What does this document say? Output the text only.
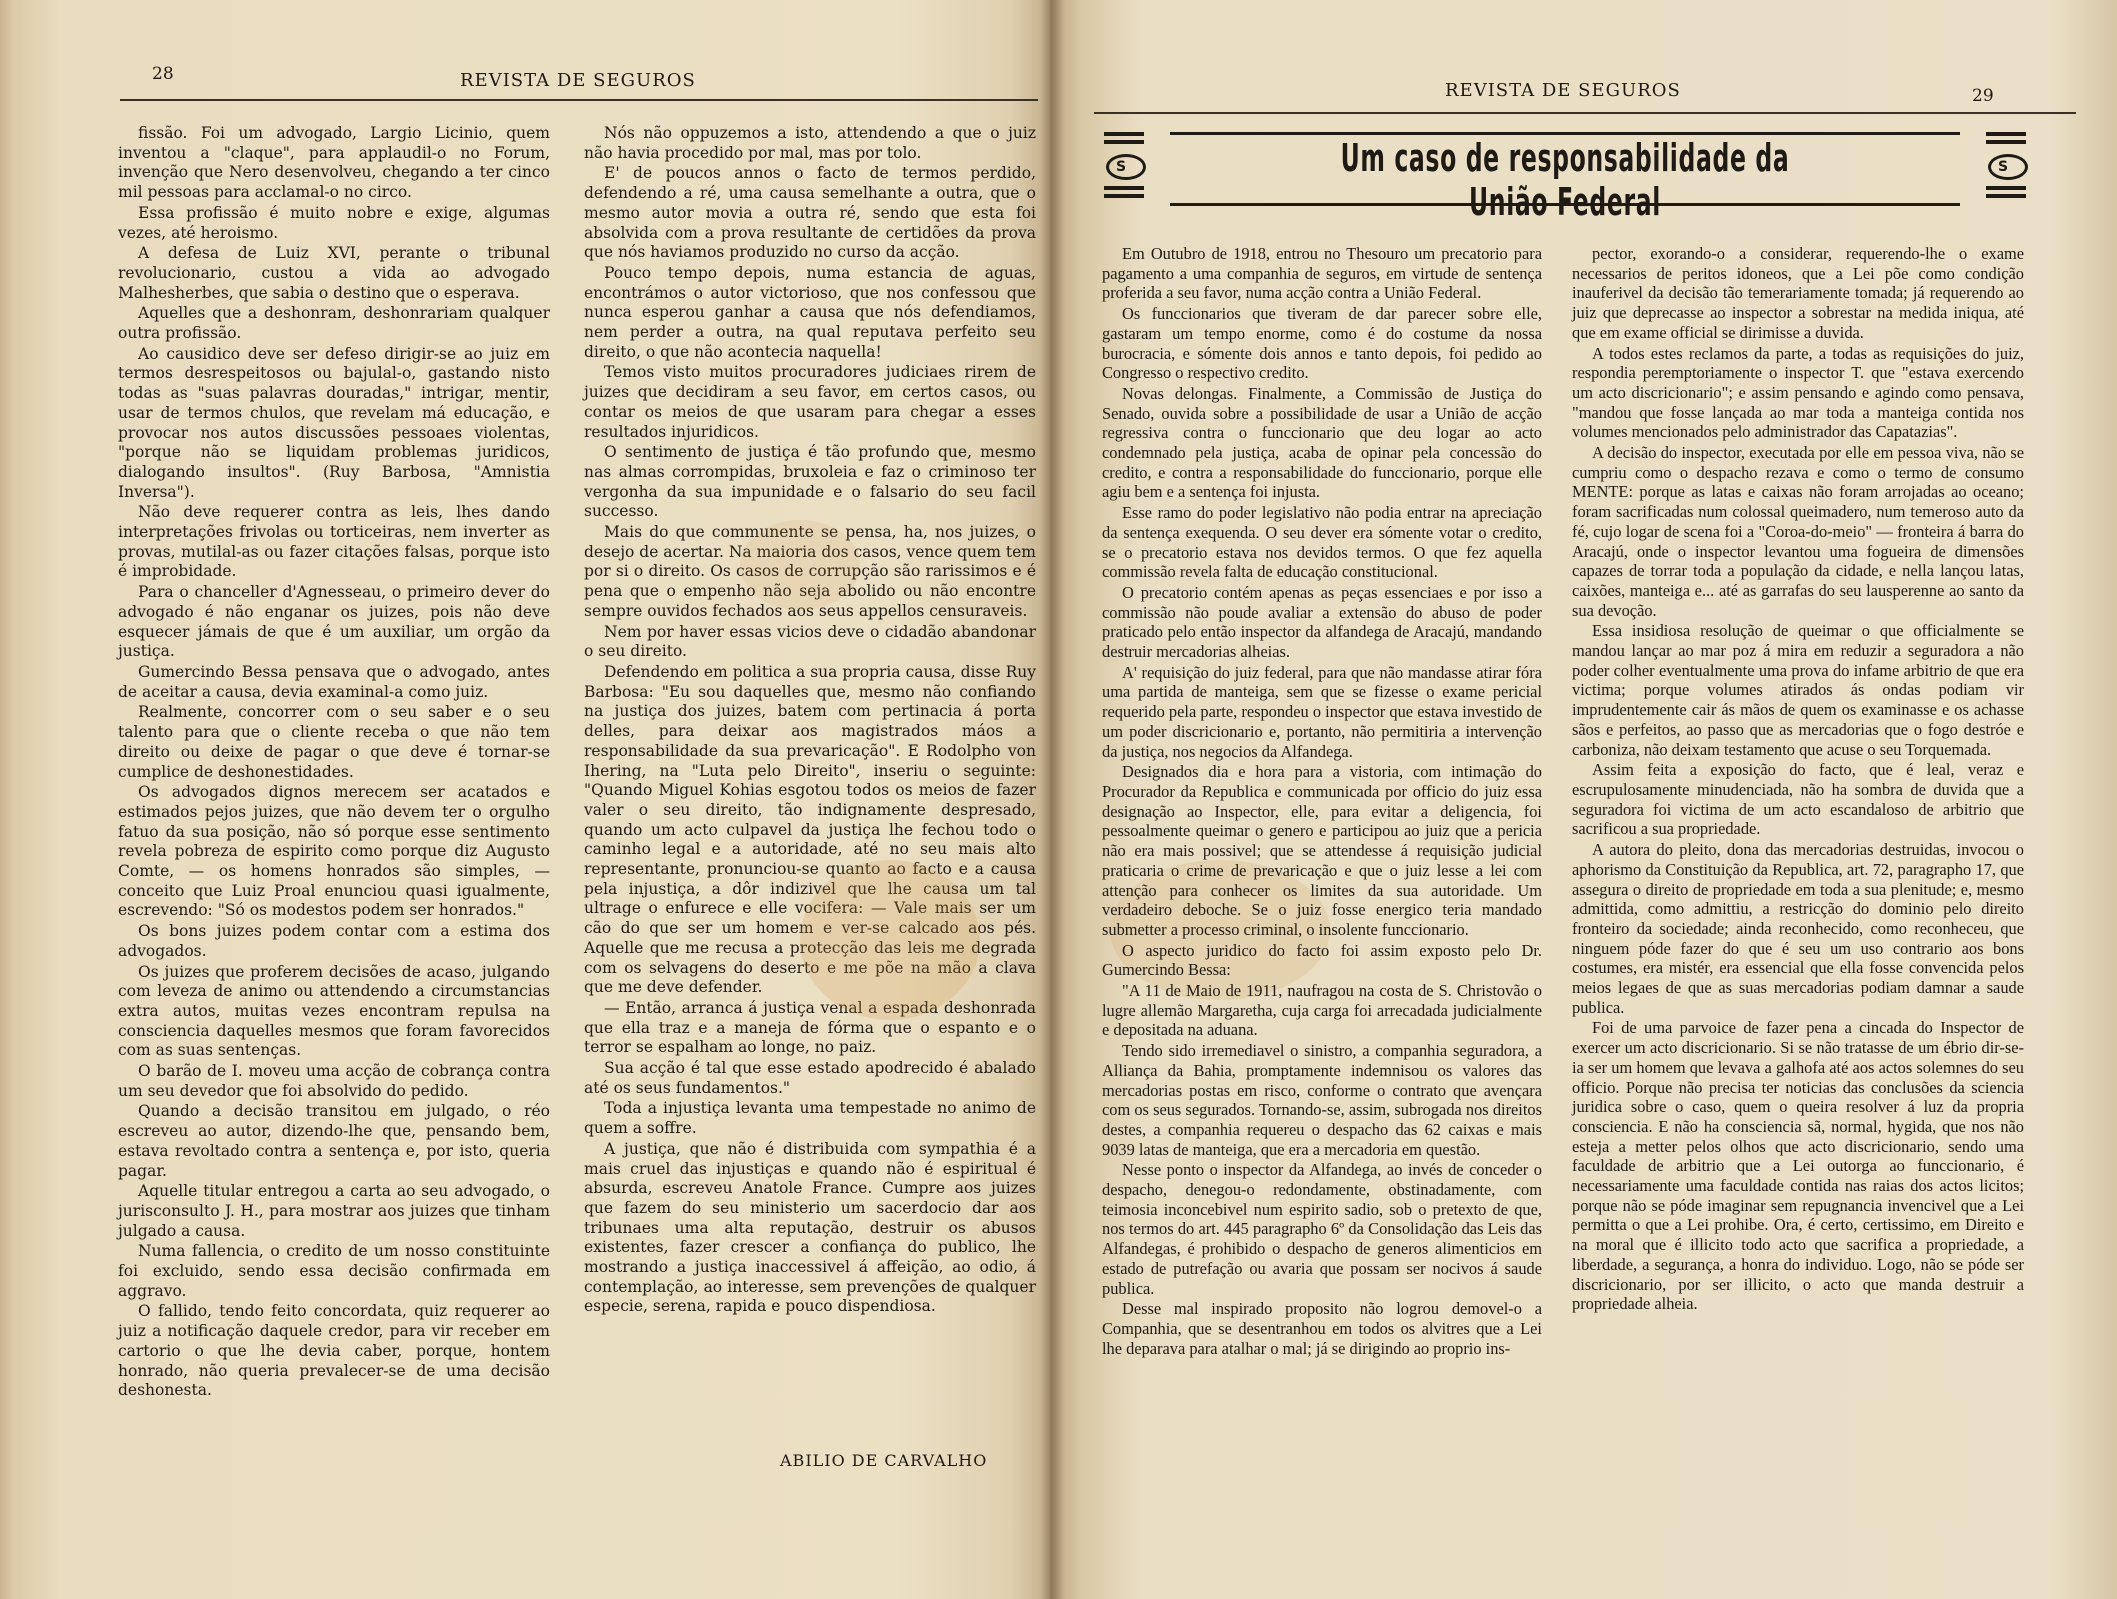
28	REVISTA DE SEGUROS

fissão. Foi um advogado, Largio Licinio, quem inventou a "claque", para applaudil-o no Forum, invenção que Nero desenvolveu, chegando a ter cinco mil pessoas para acclamal-o no circo.

Essa profissão é muito nobre e exige, algumas vezes, até heroismo.

A defesa de Luiz XVI, perante o tribunal revolucionario, custou a vida ao advogado Malhesherbes, que sabia o destino que o esperava.

Aquelles que a deshonram, deshonrariam qualquer outra profissão.

Ao causidico deve ser defeso dirigir-se ao juiz em termos desrespeitosos ou bajulal-o, gastando nisto todas as "suas palavras douradas," intrigar, mentir, usar de termos chulos, que revelam má educação, e provocar nos autos discussões pessoaes violentas, "porque não se liquidam problemas juridicos, dialogando insultos". (Ruy Barbosa, "Amnistia Inversa").

Não deve requerer contra as leis, lhes dando interpretações frivolas ou torticeiras, nem inverter as provas, mutilal-as ou fazer citações falsas, porque isto é improbidade.

Para o chanceller d'Agnesseau, o primeiro dever do advogado é não enganar os juizes, pois não deve esquecer jámais de que é um auxiliar, um orgão da justiça.

Gumercindo Bessa pensava que o advogado, antes de aceitar a causa, devia examinal-a como juiz.

Realmente, concorrer com o seu saber e o seu talento para que o cliente receba o que não tem direito ou deixe de pagar o que deve é tornar-se cumplice de deshonestidades.

Os advogados dignos merecem ser acatados e estimados pejos juizes, que não devem ter o orgulho fatuo da sua posição, não só porque esse sentimento revela pobreza de espirito como porque diz Augusto Comte, — os homens honrados são simples, — conceito que Luiz Proal enunciou quasi igualmente, escrevendo: "Só os modestos podem ser honrados."

Os bons juizes podem contar com a estima dos advogados.

Os juizes que proferem decisões de acaso, julgando com leveza de animo ou attendendo a circumstancias extra autos, muitas vezes encontram repulsa na consciencia daquelles mesmos que foram favorecidos com as suas sentenças.

O barão de I. moveu uma acção de cobrança contra um seu devedor que foi absolvido do pedido.

Quando a decisão transitou em julgado, o réo escreveu ao autor, dizendo-lhe que, pensando bem, estava revoltado contra a sentença e, por isto, queria pagar.

Aquelle titular entregou a carta ao seu advogado, o jurisconsulto J. H., para mostrar aos juizes que tinham julgado a causa.

Numa fallencia, o credito de um nosso constituinte foi excluido, sendo essa decisão confirmada em aggravo.

O fallido, tendo feito concordata, quiz requerer ao juiz a notificação daquele credor, para vir receber em cartorio o que lhe devia caber, porque, hontem honrado, não queria prevalecer-se de uma decisão deshonesta.

Nós não oppuzemos a isto, attendendo a que o juiz não havia procedido por mal, mas por tolo.

E' de poucos annos o facto de termos perdido, defendendo a ré, uma causa semelhante a outra, que o mesmo autor movia a outra ré, sendo que esta foi absolvida com a prova resultante de certidões da prova que nós haviamos produzido no curso da acção.

Pouco tempo depois, numa estancia de aguas, encontrámos o autor victorioso, que nos confessou que nunca esperou ganhar a causa que nós defendiamos, nem perder a outra, na qual reputava perfeito seu direito, o que não acontecia naquella!

Temos visto muitos procuradores judiciaes rirem de juizes que decidiram a seu favor, em certos casos, ou contar os meios de que usaram para chegar a esses resultados injuridicos.

O sentimento de justiça é tão profundo que, mesmo nas almas corrompidas, bruxoleia e faz o criminoso ter vergonha da sua impunidade e o falsario do seu facil successo.

Mais do que communente se pensa, ha, nos juizes, o desejo de acertar. Na maioria dos casos, vence quem tem por si o direito. Os casos de corrupção são rarissimos e é pena que o empenho não seja abolido ou não encontre sempre ouvidos fechados aos seus appellos censuraveis.

Nem por haver essas vicios deve o cidadão abandonar o seu direito.

Defendendo em politica a sua propria causa, disse Ruy Barbosa: "Eu sou daquelles que, mesmo não confiando na justiça dos juizes, batem com pertinacia á porta delles, para deixar aos magistrados máos a responsabilidade da sua prevaricação". E Rodolpho von Ihering, na "Luta pelo Direito", inseriu o seguinte: "Quando Miguel Kohias esgotou todos os meios de fazer valer o seu direito, tão indignamente despresado, quando um acto culpavel da justiça lhe fechou todo o caminho legal e a autoridade, até no seu mais alto representante, pronunciou-se quanto ao facto e a causa pela injustiça, a dôr indizivel que lhe causa um tal ultrage o enfurece e elle vocifera: — Vale mais ser um cão do que ser um homem e ver-se calcado aos pés. Aquelle que me recusa a protecção das leis me degrada com os selvagens do deserto e me põe na mão a clava que me deve defender.

— Então, arranca á justiça venal a espada deshonrada que ella traz e a maneja de fórma que o espanto e o terror se espalham ao longe, no paiz.

Sua acção é tal que esse estado apodrecido é abalado até os seus fundamentos."

Toda a injustiça levanta uma tempestade no animo de quem a soffre.

A justiça, que não é distribuida com sympathia é a mais cruel das injustiças e quando não é espiritual é absurda, escreveu Anatole France. Cumpre aos juizes que fazem do seu ministerio um sacerdocio dar aos tribunaes uma alta reputação, destruir os abusos existentes, fazer crescer a confiança do publico, lhe mostrando a justiça inaccessivel á affeição, ao odio, á contemplação, ao interesse, sem prevenções de qualquer especie, serena, rapida e pouco dispendiosa.

ABILIO DE CARVALHO
REVISTA DE SEGUROS	29
S	Um caso de responsabilidade da União Federal
S

Em Outubro de 1918, entrou no Thesouro um precatorio para pagamento a uma companhia de seguros, em virtude de sentença proferida a seu favor, numa acção contra a União Federal.

Os funccionarios que tiveram de dar parecer sobre elle, gastaram um tempo enorme, como é do costume da nossa burocracia, e sómente dois annos e tanto depois, foi pedido ao Congresso o respectivo credito.

Novas delongas. Finalmente, a Commissão de Justiça do Senado, ouvida sobre a possibilidade de usar a União de acção regressiva contra o funccionario que deu logar ao acto condemnado pela justiça, acaba de opinar pela concessão do credito, e contra a responsabilidade do funccionario, porque elle agiu bem e a sentença foi injusta.

Esse ramo do poder legislativo não podia entrar na apreciação da sentença exequenda. O seu dever era sómente votar o credito, se o precatorio estava nos devidos termos. O que fez aquella commissão revela falta de educação constitucional.

O precatorio contém apenas as peças essenciaes e por isso a commissão não poude avaliar a extensão do abuso de poder praticado pelo então inspector da alfandega de Aracajú, mandando destruir mercadorias alheias.

A' requisição do juiz federal, para que não mandasse atirar fóra uma partida de manteiga, sem que se fizesse o exame pericial requerido pela parte, respondeu o inspector que estava investido de um poder discricionario e, portanto, não permitiria a intervenção da justiça, nos negocios da Alfandega.

Designados dia e hora para a vistoria, com intimação do Procurador da Republica e communicada por officio do juiz essa designação ao Inspector, elle, para evitar a deligencia, foi pessoalmente queimar o genero e participou ao juiz que a pericia não era mais possivel; que se attendesse á requisição judicial praticaria o crime de prevaricação e que o juiz lesse a lei com attenção para conhecer os limites da sua autoridade. Um verdadeiro deboche. Se o juiz fosse energico teria mandado submetter a processo criminal, o insolente funccionario.

O aspecto juridico do facto foi assim exposto pelo Dr. Gumercindo Bessa:

"A 11 de Maio de 1911, naufragou na costa de S. Christovão o lugre allemão Margaretha, cuja carga foi arrecadada judicialmente e depositada na aduana.

Tendo sido irremediavel o sinistro, a companhia seguradora, a Alliança da Bahia, promptamente indemnisou os valores das mercadorias postas em risco, conforme o contrato que avençara com os seus segurados. Tornando-se, assim, subrogada nos direitos destes, a companhia requereu o despacho das 62 caixas e mais 9039 latas de manteiga, que era a mercadoria em questão.

Nesse ponto o inspector da Alfandega, ao invés de conceder o despacho, denegou-o redondamente, obstinadamente, com teimosia inconcebivel num espirito sadio, sob o pretexto de que, nos termos do art. 445 paragrapho 6º da Consolidação das Leis das Alfandegas, é prohibido o despacho de generos alimenticios em estado de putrefação ou avaria que possam ser nocivos á saude publica.

Desse mal inspirado proposito não logrou demovel-o a Companhia, que se desentranhou em todos os alvitres que a Lei lhe deparava para atalhar o mal; já se dirigindo ao proprio ins-

pector, exorando-o a considerar, requerendo-lhe o exame necessarios de peritos idoneos, que a Lei põe como condição inauferivel da decisão tão temerariamente tomada; já requerendo ao juiz que deprecasse ao inspector a sobrestar na medida iniqua, até que em exame official se dirimisse a duvida.

A todos estes reclamos da parte, a todas as requisições do juiz, respondia peremptoriamente o inspector T. que "estava exercendo um acto discricionario"; e assim pensando e agindo como pensava, "mandou que fosse lançada ao mar toda a manteiga contida nos volumes mencionados pelo administrador das Capatazias".

A decisão do inspector, executada por elle em pessoa viva, não se cumpriu como o despacho rezava e como o termo de consumo MENTE: porque as latas e caixas não foram arrojadas ao oceano; foram sacrificadas num colossal queimadero, num temeroso auto da fé, cujo logar de scena foi a "Coroa-do-meio" — fronteira á barra do Aracajú, onde o inspector levantou uma fogueira de dimensões capazes de torrar toda a população da cidade, e nella lançou latas, caixões, manteiga e... até as garrafas do seu lausperenne ao santo da sua devoção.

Essa insidiosa resolução de queimar o que officialmente se mandou lançar ao mar poz á mira em reduzir a seguradora a não poder colher eventualmente uma prova do infame arbitrio de que era victima; porque volumes atirados ás ondas podiam vir imprudentemente cair ás mãos de quem os examinasse e os achasse sãos e perfeitos, ao passo que as mercadorias que o fogo destróe e carboniza, não deixam testamento que acuse o seu Torquemada.

Assim feita a exposição do facto, que é leal, veraz e escrupulosamente minudenciada, não ha sombra de duvida que a seguradora foi victima de um acto escandaloso de arbitrio que sacrificou a sua propriedade.

A autora do pleito, dona das mercadorias destruidas, invocou o aphorismo da Constituição da Republica, art. 72, paragrapho 17, que assegura o direito de propriedade em toda a sua plenitude; e, mesmo admittida, como admittiu, a restricção do dominio pelo direito fronteiro da sociedade; ainda reconhecido, como reconheceu, que ninguem póde fazer do que é seu um uso contrario aos bons costumes, era mistér, era essencial que ella fosse convencida pelos meios legaes de que as suas mercadorias podiam damnar a saude publica.

Foi de uma parvoice de fazer pena a cincada do Inspector de exercer um acto discricionario. Si se não tratasse de um ébrio dir-se-ia ser um homem que levava a galhofa até aos actos solemnes do seu officio. Porque não precisa ter noticias das conclusões da sciencia juridica sobre o caso, quem o queira resolver á luz da propria consciencia. E não ha consciencia sã, normal, hygida, que nos não esteja a metter pelos olhos que acto discricionario, sendo uma faculdade de arbitrio que a Lei outorga ao funccionario, é necessariamente uma faculdade contida nas raias dos actos licitos; porque não se póde imaginar sem repugnancia invencivel que a Lei permitta o que a Lei prohibe. Ora, é certo, certissimo, em Direito e na moral que é illicito todo acto que sacrifica a propriedade, a liberdade, a segurança, a honra do individuo. Logo, não se póde ser discricionario, por ser illicito, o acto que manda destruir a propriedade alheia.
